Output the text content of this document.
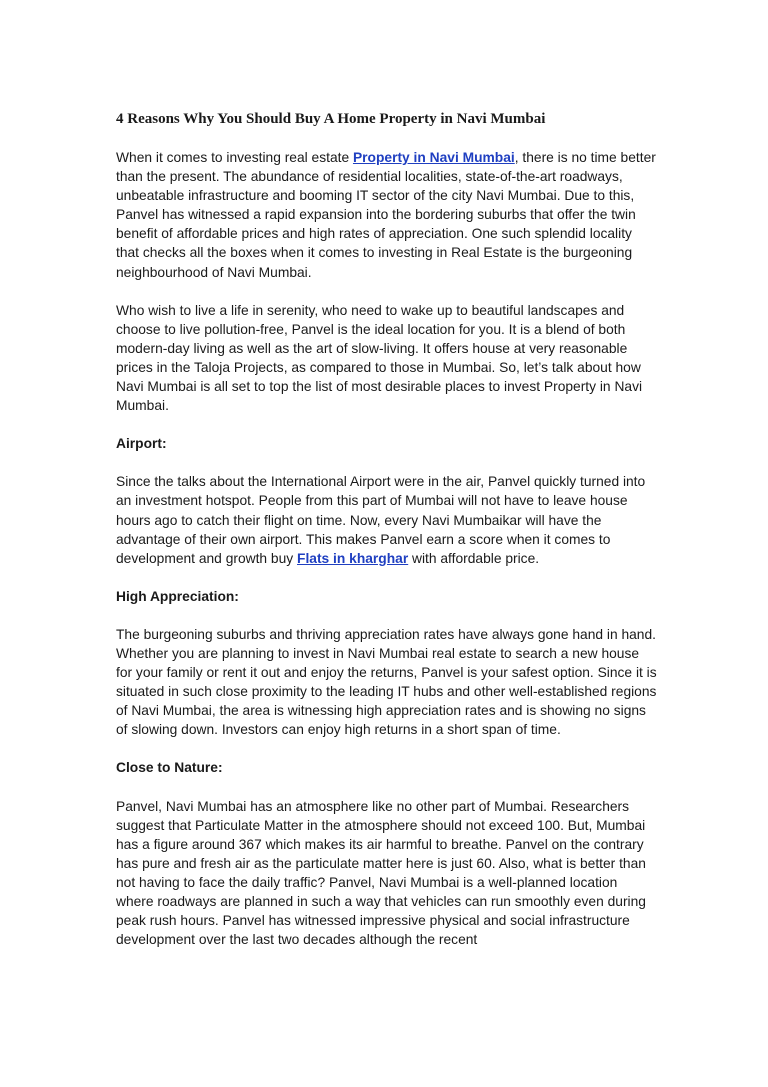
4 Reasons Why You Should Buy A Home Property in Navi Mumbai

When it comes to investing real estate Property in Navi Mumbai, there is no time better than the present. The abundance of residential localities, state-of-the-art roadways, unbeatable infrastructure and booming IT sector of the city Navi Mumbai. Due to this, Panvel has witnessed a rapid expansion into the bordering suburbs that offer the twin benefit of affordable prices and high rates of appreciation. One such splendid locality that checks all the boxes when it comes to investing in Real Estate is the burgeoning neighbourhood of Navi Mumbai.

Who wish to live a life in serenity, who need to wake up to beautiful landscapes and choose to live pollution-free, Panvel is the ideal location for you. It is a blend of both modern-day living as well as the art of slow-living. It offers house at very reasonable prices in the Taloja Projects, as compared to those in Mumbai. So, let’s talk about how Navi Mumbai is all set to top the list of most desirable places to invest Property in Navi Mumbai.

Airport:

Since the talks about the International Airport were in the air, Panvel quickly turned into an investment hotspot. People from this part of Mumbai will not have to leave house hours ago to catch their flight on time. Now, every Navi Mumbaikar will have the advantage of their own airport. This makes Panvel earn a score when it comes to development and growth buy Flats in kharghar with affordable price.

High Appreciation:

The burgeoning suburbs and thriving appreciation rates have always gone hand in hand. Whether you are planning to invest in Navi Mumbai real estate to search a new house for your family or rent it out and enjoy the returns, Panvel is your safest option. Since it is situated in such close proximity to the leading IT hubs and other well-established regions of Navi Mumbai, the area is witnessing high appreciation rates and is showing no signs of slowing down. Investors can enjoy high returns in a short span of time.

Close to Nature:

Panvel, Navi Mumbai has an atmosphere like no other part of Mumbai. Researchers suggest that Particulate Matter in the atmosphere should not exceed 100. But, Mumbai has a figure around 367 which makes its air harmful to breathe. Panvel on the contrary has pure and fresh air as the particulate matter here is just 60. Also, what is better than not having to face the daily traffic? Panvel, Navi Mumbai is a well-planned location where roadways are planned in such a way that vehicles can run smoothly even during peak rush hours. Panvel has witnessed impressive physical and social infrastructure development over the last two decades although the recent
